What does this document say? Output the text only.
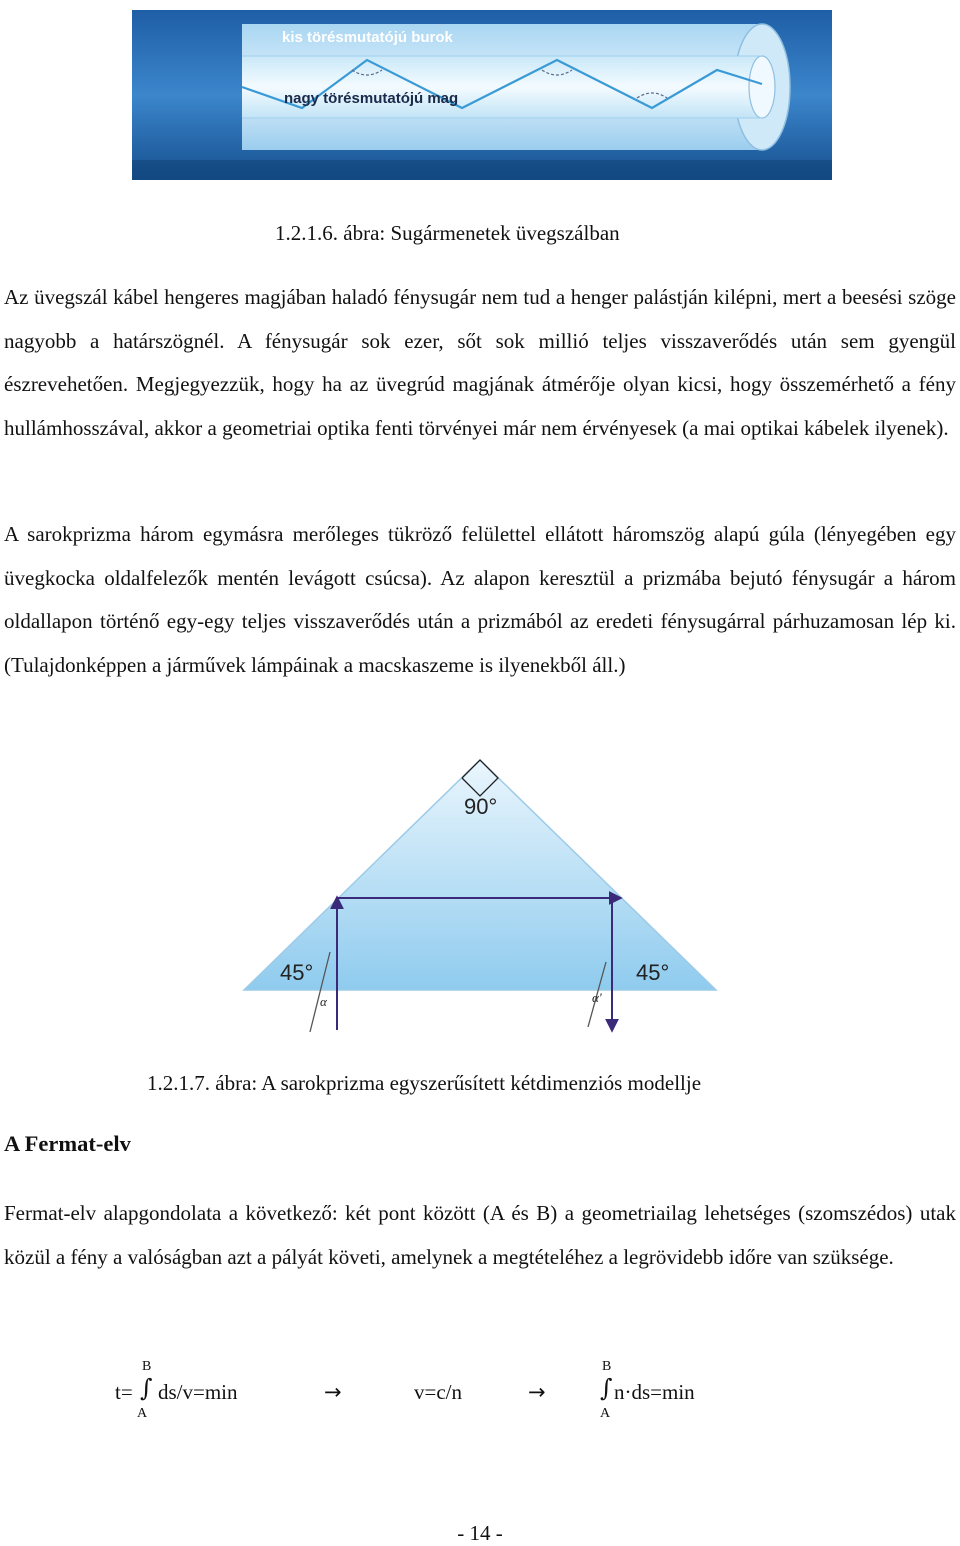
kis törésmutatójú burok
nagy törésmutatójú mag
1.2.1.6. ábra: Sugármenetek üvegszálban

Az üvegszál kábel hengeres magjában haladó fénysugár nem tud a henger palástján kilépni, mert a beesési szöge nagyobb a határszögnél. A fénysugár sok ezer, sőt sok millió teljes visszaverődés után sem gyengül észrevehetően. Megjegyezzük, hogy ha az üvegrúd magjának átmérője olyan kicsi, hogy összemérhető a fény hullámhosszával, akkor a geometriai optika fenti törvényei már nem érvényesek (a mai optikai kábelek ilyenek).

A sarokprizma három egymásra merőleges tükröző felülettel ellátott háromszög alapú gúla (lényegében egy üvegkocka oldalfelezők mentén levágott csúcsa). Az alapon keresztül a prizmába bejutó fénysugár a három oldallapon történő egy-egy teljes visszaverődés után a prizmából az eredeti fénysugárral párhuzamosan lép ki. (Tulajdonképpen a járművek lámpáinak a macskaszeme is ilyenekből áll.)

90°
45°	45°
α	α'
1.2.1.7. ábra: A sarokprizma egyszerűsített kétdimenziós modellje
A Fermat-elv

Fermat-elv alapgondolata a következő: két pont között (A és B) a geometriailag lehetséges (szomszédos) utak közül a fény a valóságban azt a pályát követi, amelynek a megtételéhez a legrövidebb időre van szüksége.

t=
B
∫
A
ds/v=min	→	v=c/n	→
B
∫
A
n·ds=min
- 14 -
